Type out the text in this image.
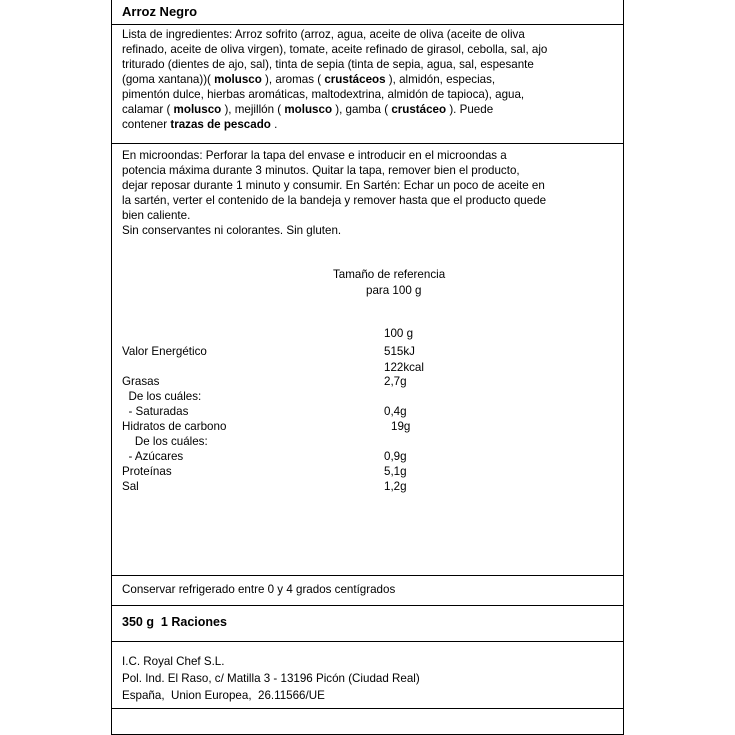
Arroz Negro
Lista de ingredientes: Arroz sofrito (arroz, agua, aceite de oliva (aceite de oliva
refinado, aceite de oliva virgen), tomate, aceite refinado de girasol, cebolla, sal, ajo
triturado (dientes de ajo, sal), tinta de sepia (tinta de sepia, agua, sal, espesante
(goma xantana))( molusco ), aromas ( crustáceos ), almidón, especias,
pimentón dulce, hierbas aromáticas, maltodextrina, almidón de tapioca), agua,
calamar ( molusco ), mejillón ( molusco ), gamba ( crustáceo ). Puede
contener trazas de pescado .
En microondas: Perforar la tapa del envase e introducir en el microondas a
potencia máxima durante 3 minutos. Quitar la tapa, remover bien el producto,
dejar reposar durante 1 minuto y consumir. En Sartén: Echar un poco de aceite en
la sartén, verter el contenido de la bandeja y remover hasta que el producto quede
bien caliente.
Sin conservantes ni colorantes. Sin gluten.
Tamaño de referencia
para 100 g
100 g
Valor Energético	515kJ
122kcal
Grasas	2,7g
De los cuáles:
- Saturadas	0,4g
Hidratos de carbono	19g
De los cuáles:
- Azúcares	0,9g
Proteínas	5,1g
Sal	1,2g
Conservar refrigerado entre 0 y 4 grados centígrados
350 g  1 Raciones
I.C. Royal Chef S.L.
Pol. Ind. El Raso, c/ Matilla 3 - 13196 Picón (Ciudad Real)
España,  Union Europea,  26.11566/UE
